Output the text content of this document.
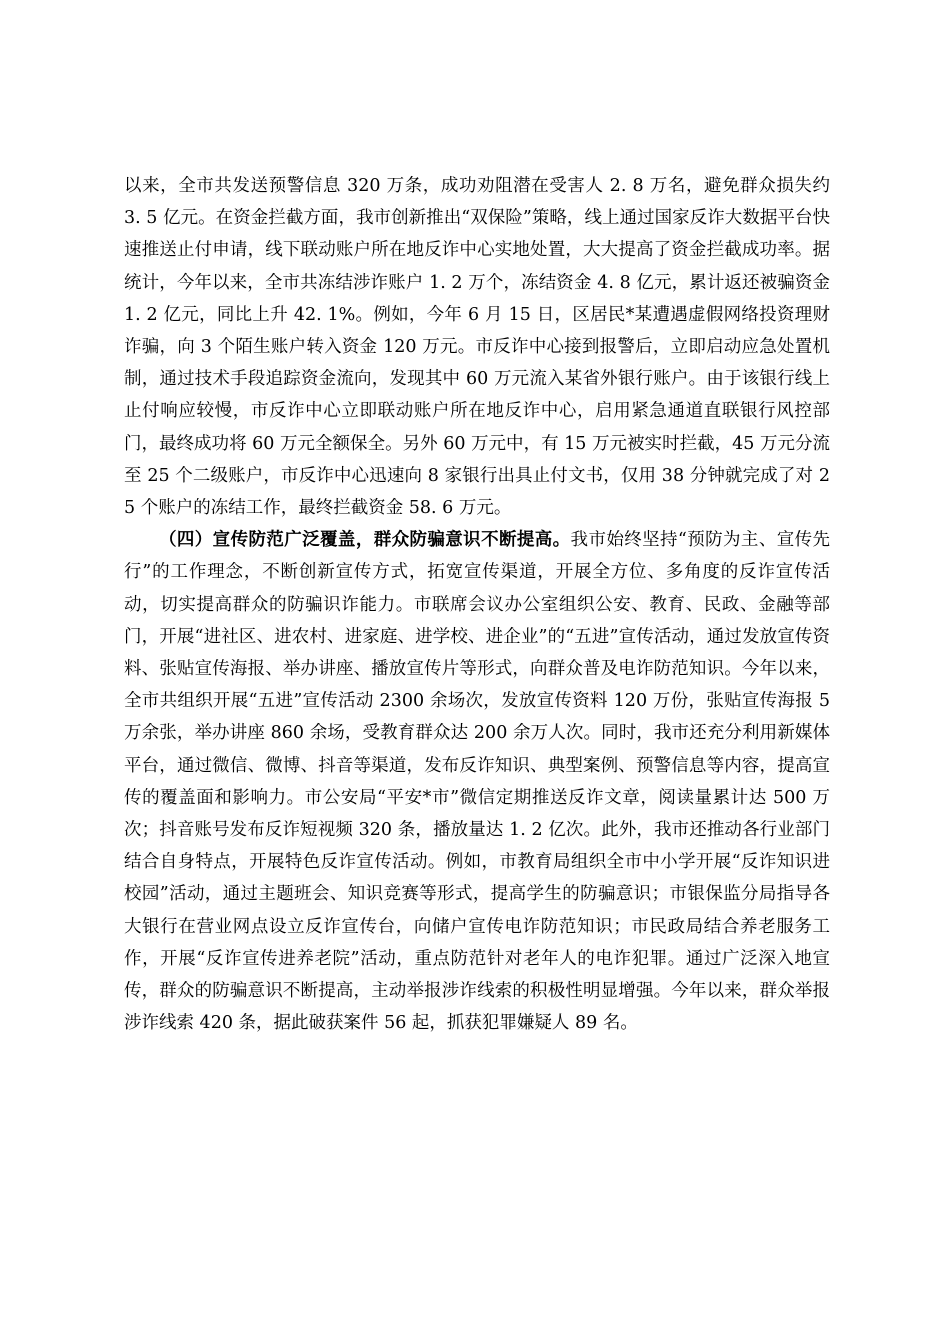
以来，全市共发送预警信息 320 万条，成功劝阻潜在受害人 2. 8 万名，避免群众损失约 3. 5 亿元。在资金拦截方面，我市创新推出“双保险”策略，线上通过国家反诈大数据平台快速推送止付申请，线下联动账户所在地反诈中心实地处置，大大提高了资金拦截成功率。据统计，今年以来，全市共冻结涉诈账户 1. 2 万个，冻结资金 4. 8 亿元，累计返还被骗资金 1. 2 亿元，同比上升 42. 1%。例如，今年 6 月 15 日，区居民*某遭遇虚假网络投资理财诈骗，向 3 个陌生账户转入资金 120 万元。市反诈中心接到报警后，立即启动应急处置机制，通过技术手段追踪资金流向，发现其中 60 万元流入某省外银行账户。由于该银行线上止付响应较慢，市反诈中心立即联动账户所在地反诈中心，启用紧急通道直联银行风控部门，最终成功将 60 万元全额保全。另外 60 万元中，有 15 万元被实时拦截，45 万元分流至 25 个二级账户，市反诈中心迅速向 8 家银行出具止付文书，仅用 38 分钟就完成了对 25 个账户的冻结工作，最终拦截资金 58. 6 万元。

（四）宣传防范广泛覆盖，群众防骗意识不断提高。我市始终坚持“预防为主、宣传先行”的工作理念，不断创新宣传方式，拓宽宣传渠道，开展全方位、多角度的反诈宣传活动，切实提高群众的防骗识诈能力。市联席会议办公室组织公安、教育、民政、金融等部门，开展“进社区、进农村、进家庭、进学校、进企业”的“五进”宣传活动，通过发放宣传资料、张贴宣传海报、举办讲座、播放宣传片等形式，向群众普及电诈防范知识。今年以来，全市共组织开展“五进”宣传活动 2300 余场次，发放宣传资料 120 万份，张贴宣传海报 5 万余张，举办讲座 860 余场，受教育群众达 200 余万人次。同时，我市还充分利用新媒体平台，通过微信、微博、抖音等渠道，发布反诈知识、典型案例、预警信息等内容，提高宣传的覆盖面和影响力。市公安局“平安*市”微信定期推送反诈文章，阅读量累计达 500 万次；抖音账号发布反诈短视频 320 条，播放量达 1. 2 亿次。此外，我市还推动各行业部门结合自身特点，开展特色反诈宣传活动。例如，市教育局组织全市中小学开展“反诈知识进校园”活动，通过主题班会、知识竞赛等形式，提高学生的防骗意识；市银保监分局指导各大银行在营业网点设立反诈宣传台，向储户宣传电诈防范知识；市民政局结合养老服务工作，开展“反诈宣传进养老院”活动，重点防范针对老年人的电诈犯罪。通过广泛深入地宣传，群众的防骗意识不断提高，主动举报涉诈线索的积极性明显增强。今年以来，群众举报涉诈线索 420 条，据此破获案件 56 起，抓获犯罪嫌疑人 89 名。
